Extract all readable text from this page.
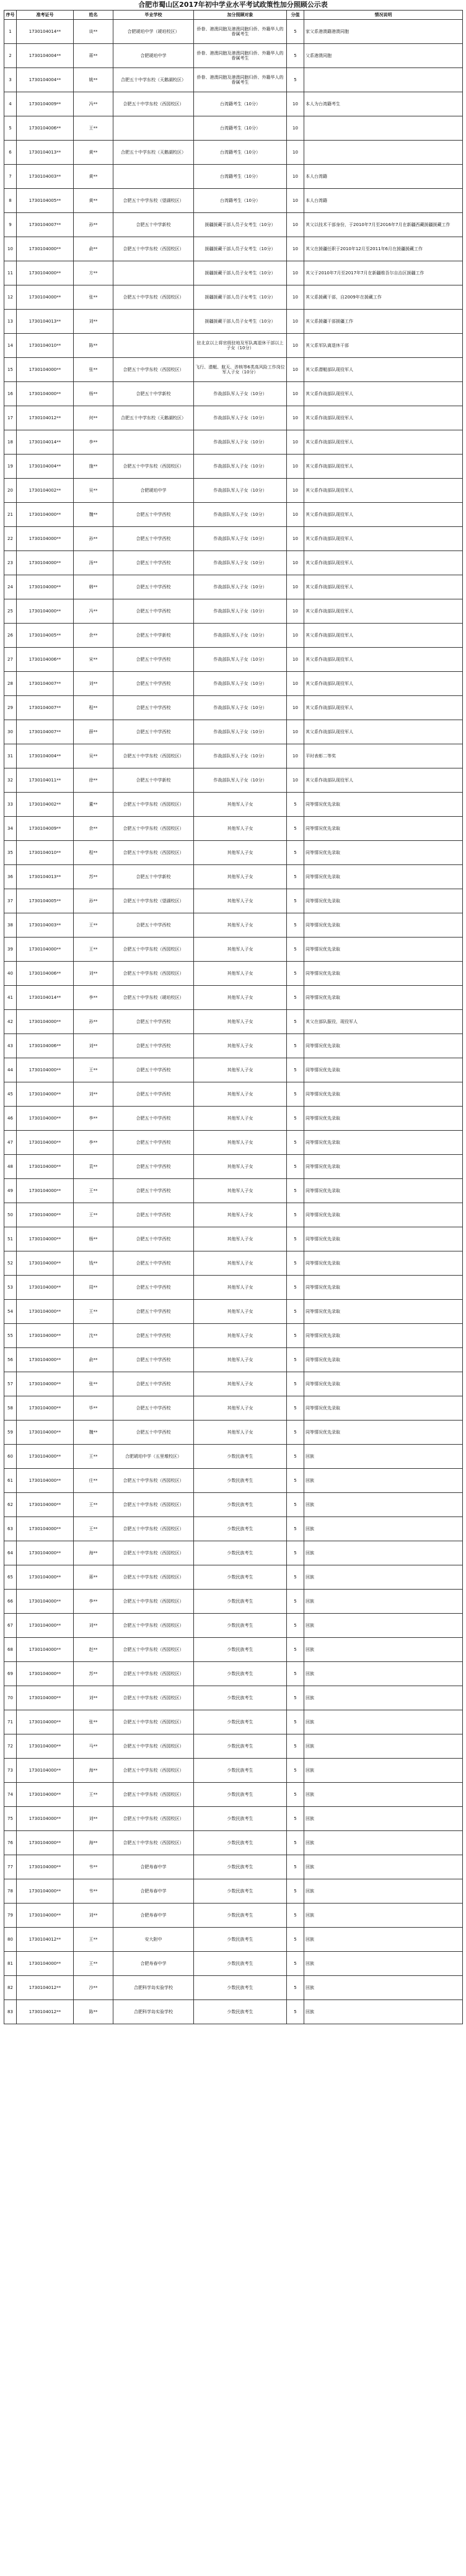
合肥市蜀山区2017年初中学业水平考试政策性加分照顾公示表
序号	准考证号	姓名	毕业学校	加分照顾对象	分值	情况说明
1	1730104014**	谈**	合肥琥珀中学（琥珀校区）	侨眷、港澳同胞及港澳同胞归侨、外籍华人的眷属考生	5	家父系港澳籍港澳同胞
2	1730104004**	蒋**	合肥琥珀中学	侨眷、港澳同胞及港澳同胞归侨、外籍华人的眷属考生	5	父系港澳同胞
3	1730104004**	姚**	合肥五十中学东校（天鹅湖校区）	侨眷、港澳同胞及港澳同胞归侨、外籍华人的眷属考生	5	
4	1730104009**	冯**	合肥五十中学东校（西园校区）	台湾籍考生（10分）	10	本人为台湾籍考生
5	1730104006**	王**		台湾籍考生（10分）	10	
6	1730104013**	黄**	合肥五十中学东校（天鹅湖校区）	台湾籍考生（10分）	10	
7	1730104003**	黄**		台湾籍考生（10分）	10	本人台湾籍
8	1730104005**	黄**	合肥五十中学东校（望湖校区）	台湾籍考生（10分）	10	本人台湾籍
9	1730104007**	孙**	合肥五十中学新校	援疆援藏干部人员子女考生（10分）	10	其父以技术干部身份，于2010年7月至2016年7月在新疆西藏援疆援藏工作
10	1730104000**	俞**	合肥五十中学东校（西园校区）	援疆援藏干部人员子女考生（10分）	10	其父在援疆任职于2010年12月至2011年6月在援疆援藏工作
11	1730104000**	方**		援疆援藏干部人员子女考生（10分）	10	其父于2010年7月至2017年7月在新疆维吾尔自治区援疆工作
12	1730104000**	张**	合肥五十中学东校（西园校区）	援疆援藏干部人员子女考生（10分）	10	其父系援藏干部，自2009年在援藏工作
13	1730104013**	刘**		援疆援藏干部人员子女考生（10分）	10	其父系援疆干部援疆工作
14	1730104010**	陈**		驻北京以上将官级驻地及军队离退休干部以上子女（10分）	10	其父系军队离退休干部
15	1730104000**	张**	合肥五十中学东校（西园校区）	飞行、潜艇、航天、涉核等6类高风险工作岗位军人子女（10分）	10	其父系潜艇部队现役军人
16	1730104000**	杨**	合肥五十中学新校	作战部队军人子女（10分）	10	其父系作战部队现役军人
17	1730104012**	何**	合肥五十中学东校（天鹅湖校区）	作战部队军人子女（10分）	10	其父系作战部队现役军人
18	1730104014**	李**		作战部队军人子女（10分）	10	其父系作战部队现役军人
19	1730104004**	施**	合肥五十中学东校（西园校区）	作战部队军人子女（10分）	10	其父系作战部队现役军人
20	1730104002**	吴**	合肥琥珀中学	作战部队军人子女（10分）	10	其父系作战部队现役军人
21	1730104000**	魏**	合肥五十中学西校	作战部队军人子女（10分）	10	其父系作战部队现役军人
22	1730104000**	孙**	合肥五十中学西校	作战部队军人子女（10分）	10	其父系作战部队现役军人
23	1730104000**	汤**	合肥五十中学西校	作战部队军人子女（10分）	10	其父系作战部队现役军人
24	1730104000**	韩**	合肥五十中学西校	作战部队军人子女（10分）	10	其父系作战部队现役军人
25	1730104000**	冯**	合肥五十中学西校	作战部队军人子女（10分）	10	其父系作战部队现役军人
26	1730104005**	余**	合肥五十中学新校	作战部队军人子女（10分）	10	其父系作战部队现役军人
27	1730104006**	宋**	合肥五十中学西校	作战部队军人子女（10分）	10	其父系作战部队现役军人
28	1730104007**	刘**	合肥五十中学西校	作战部队军人子女（10分）	10	其父系作战部队现役军人
29	1730104007**	程**	合肥五十中学西校	作战部队军人子女（10分）	10	其父系作战部队现役军人
30	1730104007**	薛**	合肥五十中学西校	作战部队军人子女（10分）	10	其父系作战部队现役军人
31	1730104004**	吴**	合肥五十中学东校（西园校区）	作战部队军人子女（10分）	10	平时表彰二等奖
32	1730104011**	徐**	合肥五十中学新校	作战部队军人子女（10分）	10	其父系作战部队现役军人
33	1730104002**	董**	合肥五十中学东校（西园校区）	其他军人子女	5	同等情况优先录取
34	1730104009**	余**	合肥五十中学东校（西园校区）	其他军人子女	5	同等情况优先录取
35	1730104010**	程**	合肥五十中学东校（西园校区）	其他军人子女	5	同等情况优先录取
36	1730104013**	苏**	合肥五十中学新校	其他军人子女	5	同等情况优先录取
37	1730104005**	孙**	合肥五十中学东校（望湖校区）	其他军人子女	5	同等情况优先录取
38	1730104003**	王**	合肥五十中学西校	其他军人子女	5	同等情况优先录取
39	1730104000**	王**	合肥五十中学东校（西园校区）	其他军人子女	5	同等情况优先录取
40	1730104006**	刘**	合肥五十中学东校（西园校区）	其他军人子女	5	同等情况优先录取
41	1730104014**	李**	合肥五十中学东校（琥珀校区）	其他军人子女	5	同等情况优先录取
42	1730104000**	孙**	合肥五十中学西校	其他军人子女	5	其父在部队服役，现役军人
43	1730104006**	刘**	合肥五十中学西校	其他军人子女	5	同等情况优先录取
44	1730104000**	王**	合肥五十中学西校	其他军人子女	5	同等情况优先录取
45	1730104000**	刘**	合肥五十中学西校	其他军人子女	5	同等情况优先录取
46	1730104000**	李**	合肥五十中学西校	其他军人子女	5	同等情况优先录取
47	1730104000**	李**	合肥五十中学西校	其他军人子女	5	同等情况优先录取
48	1730104000**	袁**	合肥五十中学西校	其他军人子女	5	同等情况优先录取
49	1730104000**	王**	合肥五十中学西校	其他军人子女	5	同等情况优先录取
50	1730104000**	王**	合肥五十中学西校	其他军人子女	5	同等情况优先录取
51	1730104000**	杨**	合肥五十中学西校	其他军人子女	5	同等情况优先录取
52	1730104000**	钱**	合肥五十中学西校	其他军人子女	5	同等情况优先录取
53	1730104000**	周**	合肥五十中学西校	其他军人子女	5	同等情况优先录取
54	1730104000**	王**	合肥五十中学西校	其他军人子女	5	同等情况优先录取
55	1730104000**	沈**	合肥五十中学西校	其他军人子女	5	同等情况优先录取
56	1730104000**	俞**	合肥五十中学西校	其他军人子女	5	同等情况优先录取
57	1730104000**	张**	合肥五十中学西校	其他军人子女	5	同等情况优先录取
58	1730104000**	毕**	合肥五十中学西校	其他军人子女	5	同等情况优先录取
59	1730104000**	魏**	合肥五十中学西校	其他军人子女	5	同等情况优先录取
60	1730104000**	王**	合肥琥珀中学（五里墩校区）	少数民族考生	5	回族
61	1730104000**	庄**	合肥五十中学东校（西园校区）	少数民族考生	5	回族
62	1730104000**	王**	合肥五十中学东校（西园校区）	少数民族考生	5	回族
63	1730104000**	王**	合肥五十中学东校（西园校区）	少数民族考生	5	回族
64	1730104000**	海**	合肥五十中学东校（西园校区）	少数民族考生	5	回族
65	1730104000**	蒋**	合肥五十中学东校（西园校区）	少数民族考生	5	回族
66	1730104000**	李**	合肥五十中学东校（西园校区）	少数民族考生	5	回族
67	1730104000**	刘**	合肥五十中学东校（西园校区）	少数民族考生	5	回族
68	1730104000**	赵**	合肥五十中学东校（西园校区）	少数民族考生	5	回族
69	1730104000**	苏**	合肥五十中学东校（西园校区）	少数民族考生	5	回族
70	1730104000**	刘**	合肥五十中学东校（西园校区）	少数民族考生	5	回族
71	1730104000**	张**	合肥五十中学东校（西园校区）	少数民族考生	5	回族
72	1730104000**	马**	合肥五十中学东校（西园校区）	少数民族考生	5	回族
73	1730104000**	海**	合肥五十中学东校（西园校区）	少数民族考生	5	回族
74	1730104000**	王**	合肥五十中学东校（西园校区）	少数民族考生	5	回族
75	1730104000**	刘**	合肥五十中学东校（西园校区）	少数民族考生	5	回族
76	1730104000**	海**	合肥五十中学东校（西园校区）	少数民族考生	5	回族
77	1730104000**	韦**	合肥寿春中学	少数民族考生	5	回族
78	1730104000**	韦**	合肥寿春中学	少数民族考生	5	回族
79	1730104000**	刘**	合肥寿春中学	少数民族考生	5	回族
80	1730104012**	王**	安大附中	少数民族考生	5	回族
81	1730104000**	王**	合肥寿春中学	少数民族考生	5	回族
82	1730104012**	沙**	合肥科学岛实验学校	少数民族考生	5	回族
83	1730104012**	陈**	合肥科学岛实验学校	少数民族考生	5	回族
